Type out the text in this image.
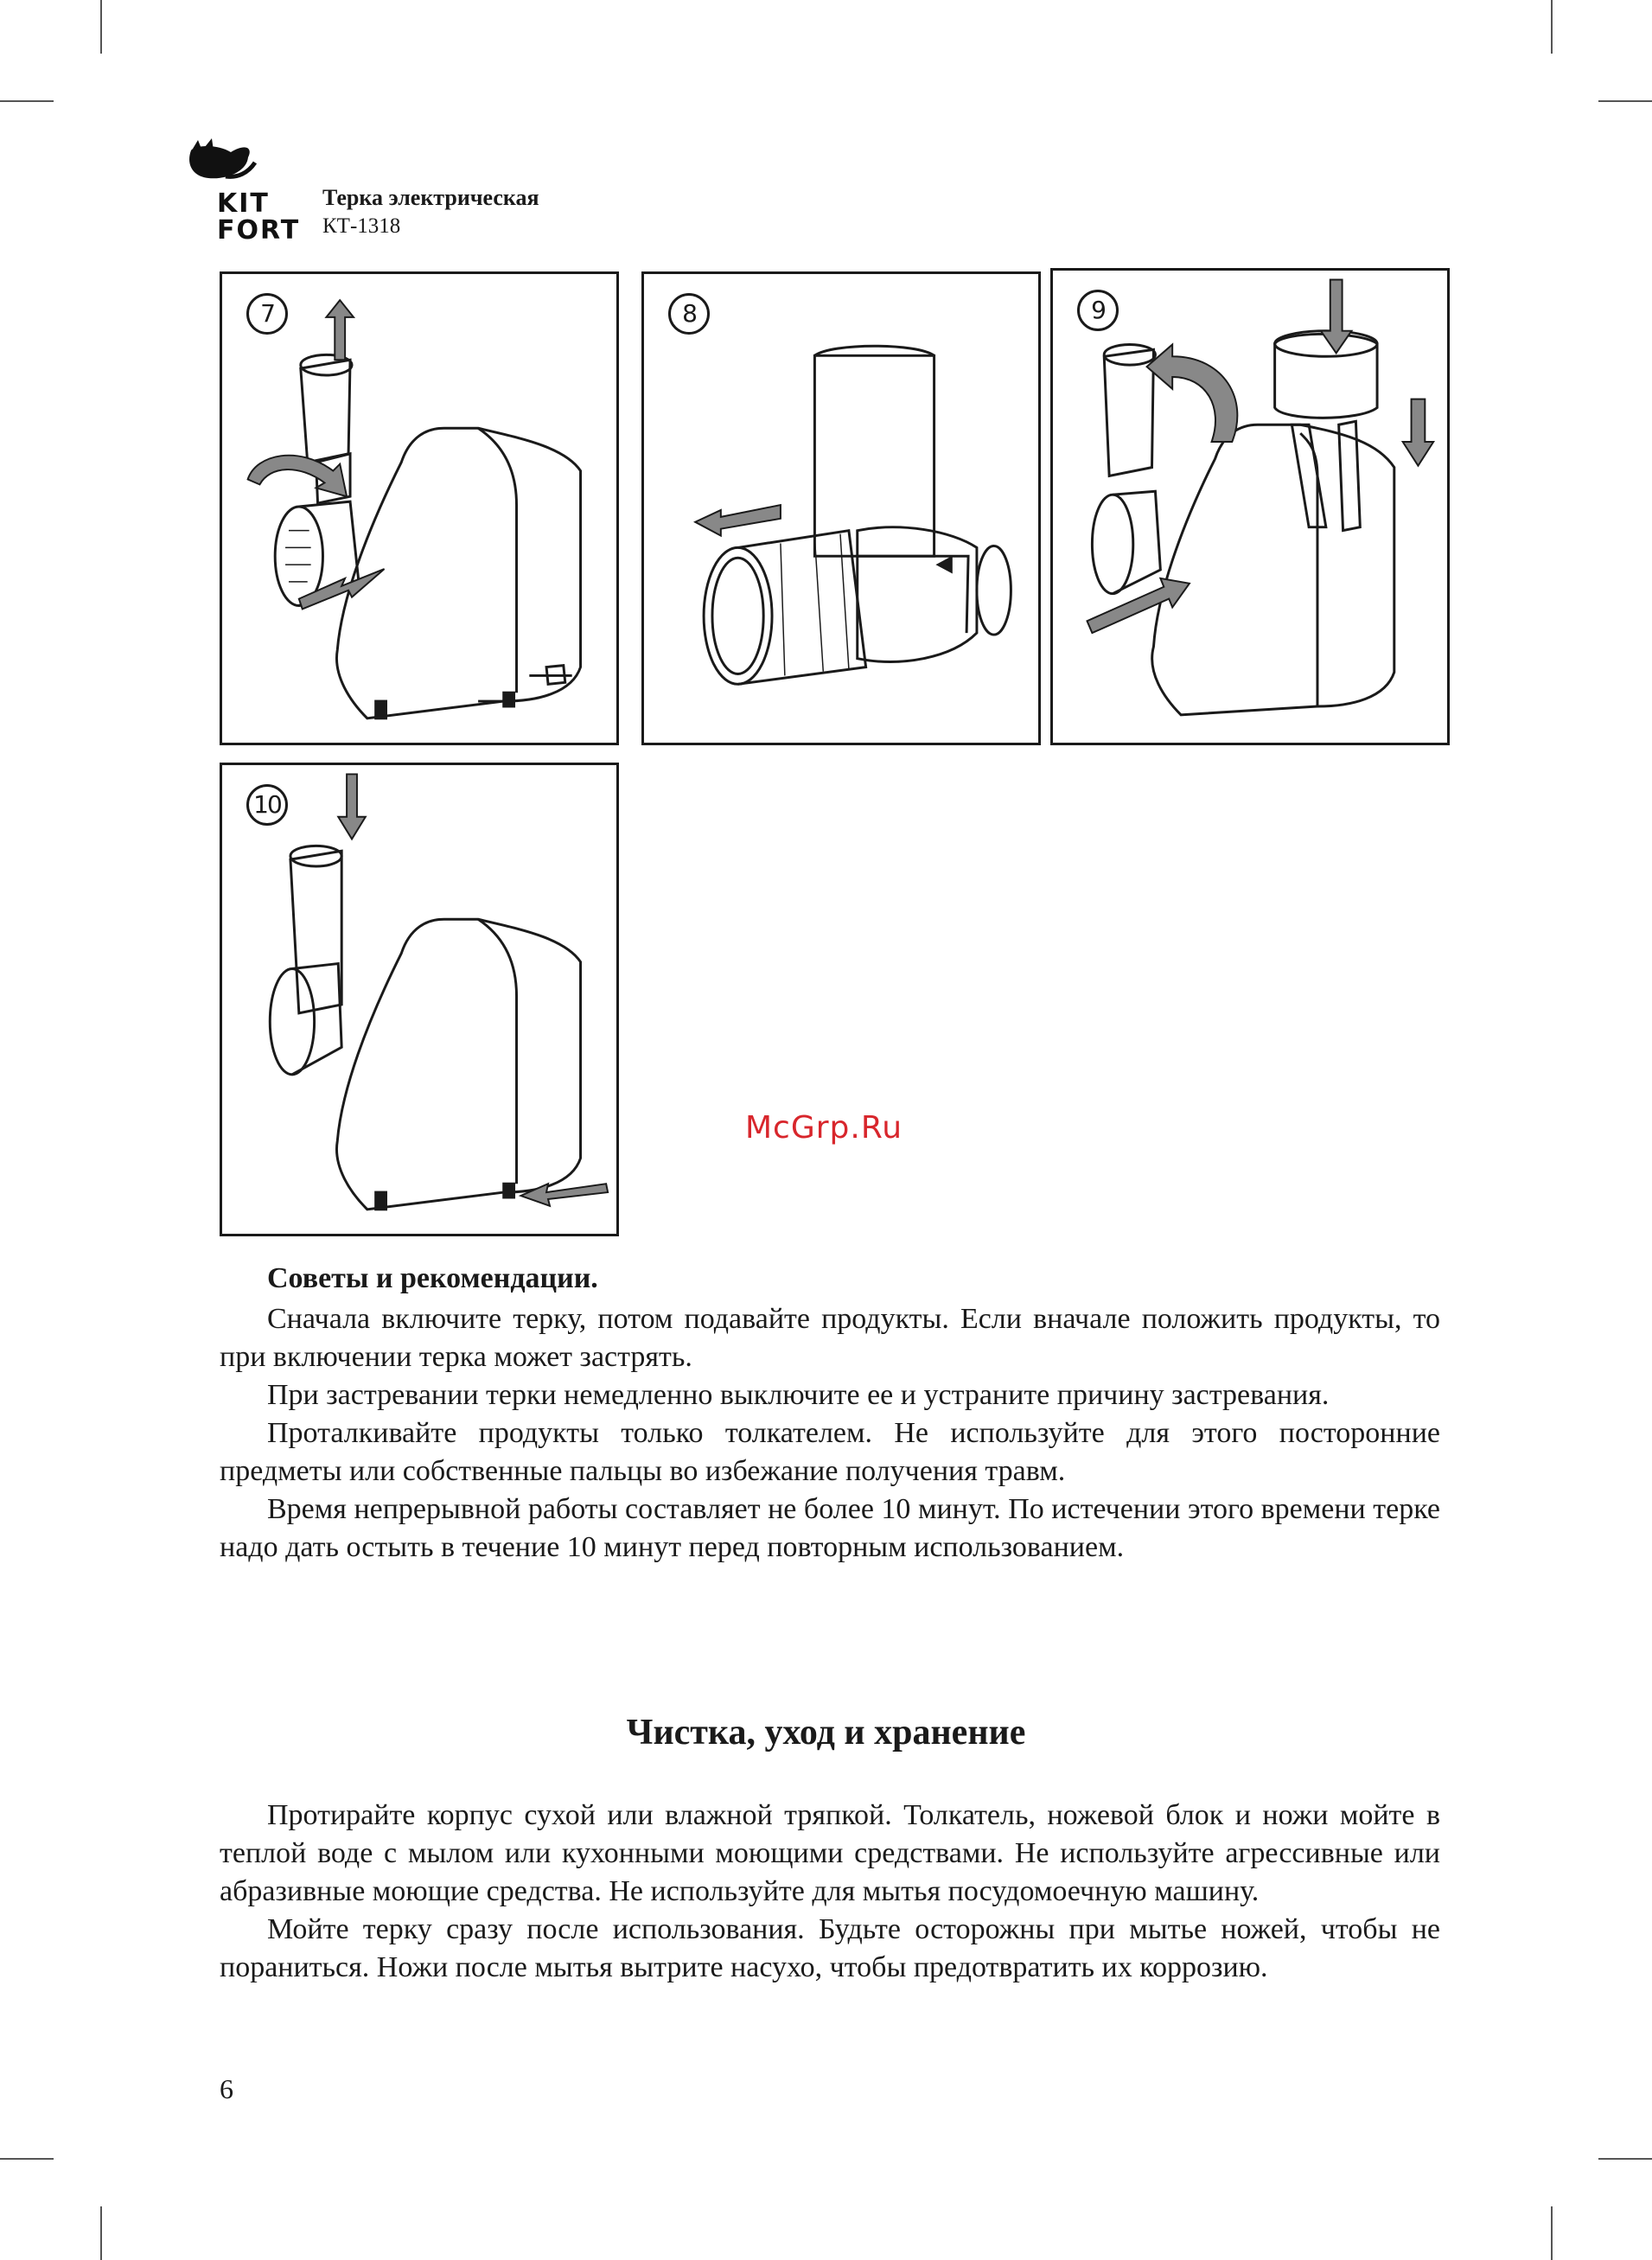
KIT
FORT
Терка электрическая
КТ-1318
7	8	9
10
McGrp.Ru
Советы и рекомендации.

Сначала включите терку, потом подавайте продукты. Если вначале положить продукты, то при включении терка может застрять.

При застревании терки немедленно выключите ее и устраните причину застревания.

Проталкивайте продукты только толкателем. Не используйте для этого посторонние предметы или собственные пальцы во избежание получения травм.

Время непрерывной работы составляет не более 10 минут. По истечении этого времени терке надо дать остыть в течение 10 минут перед повторным использованием.

Чистка, уход и хранение

Протирайте корпус сухой или влажной тряпкой. Толкатель, ножевой блок и ножи мойте в теплой воде с мылом или кухонными моющими средствами. Не используйте агрессивные или абразивные моющие средства. Не используйте для мытья посудомоечную машину.

Мойте терку сразу после использования. Будьте осторожны при мытье ножей, чтобы не пораниться. Ножи после мытья вытрите насухо, чтобы предотвратить их коррозию.

6
